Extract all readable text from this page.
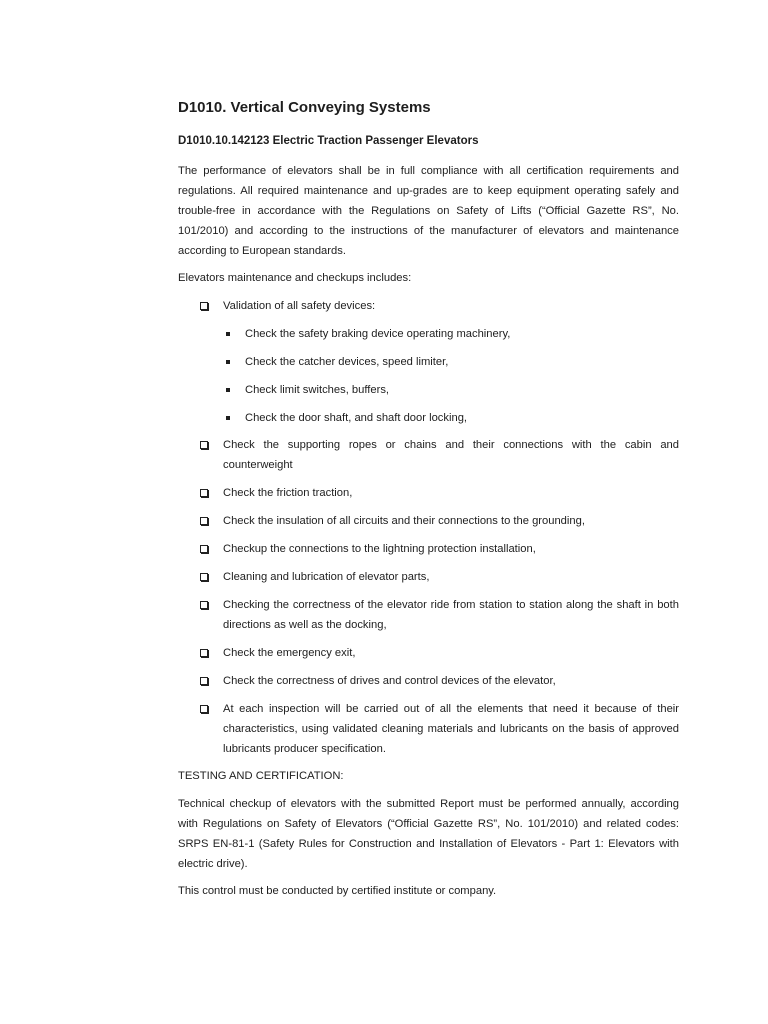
D1010. Vertical Conveying Systems
D1010.10.142123 Electric Traction Passenger Elevators
The performance of elevators shall be in full compliance with all certification requirements and
regulations. All required maintenance and up-grades are to keep equipment operating safely and
trouble-free in accordance with the Regulations on Safety of Lifts (“Official Gazette RS”, No.
101/2010) and according to the instructions of the manufacturer of elevators and maintenance
according to European standards.
Elevators maintenance and checkups includes:
Validation of all safety devices:
Check the safety braking device operating machinery,
Check the catcher devices, speed limiter,
Check limit switches, buffers,
Check the door shaft, and shaft door locking,
Check the supporting ropes or chains and their connections with the cabin and
counterweight
Check the friction traction,
Check the insulation of all circuits and their connections to the grounding,
Checkup the connections to the lightning protection installation,
Cleaning and lubrication of elevator parts,
Checking the correctness of the elevator ride from station to station along the shaft in both
directions as well as the docking,
Check the emergency exit,
Check the correctness of drives and control devices of the elevator,
At each inspection will be carried out of all the elements that need it because of their
characteristics, using validated cleaning materials and lubricants on the basis of approved
lubricants producer specification.
TESTING AND CERTIFICATION:
Technical checkup of elevators with the submitted Report must be performed annually, according
with Regulations on Safety of Elevators (“Official Gazette RS”, No. 101/2010) and related codes:
SRPS EN-81-1 (Safety Rules for Construction and Installation of Elevators - Part 1: Elevators with
electric drive).
This control must be conducted by certified institute or company.
